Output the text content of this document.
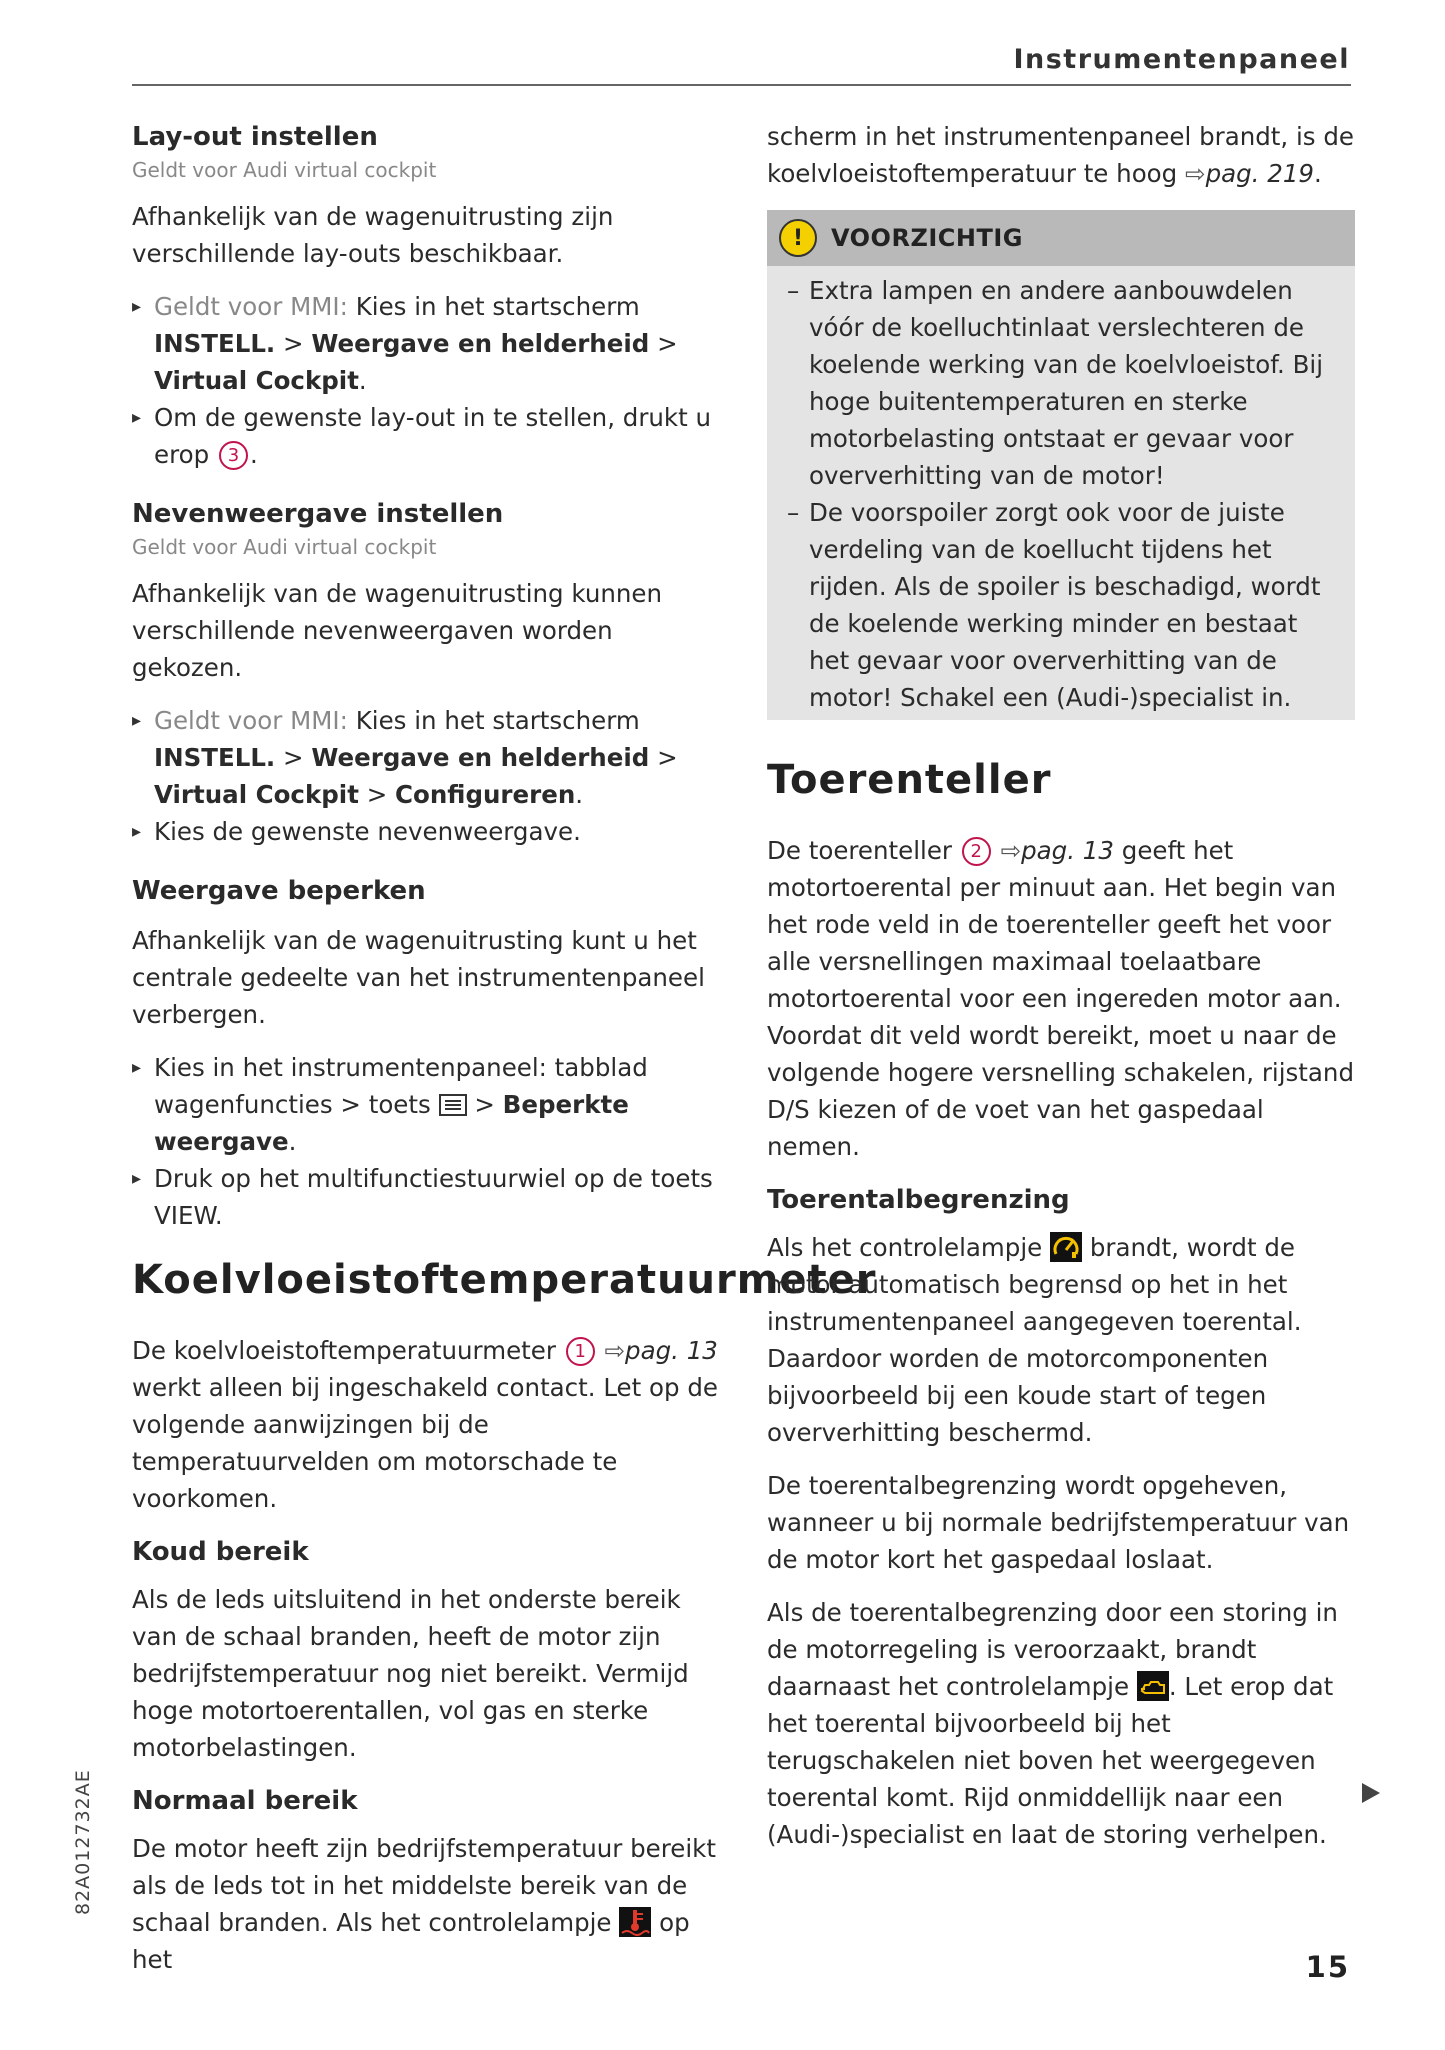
Instrumentenpaneel
Lay-out instellen
Geldt voor Audi virtual cockpit

Afhankelijk van de wagenuitrusting zijn verschillende lay-outs beschikbaar.

▸ Geldt voor MMI: Kies in het startscherm INSTELL. > Weergave en helderheid > Virtual Cockpit.
▸ Om de gewenste lay-out in te stellen, drukt u erop 3 .
Nevenweergave instellen
Geldt voor Audi virtual cockpit

Afhankelijk van de wagenuitrusting kunnen verschillende nevenweergaven worden gekozen.

▸ Geldt voor MMI: Kies in het startscherm INSTELL. > Weergave en helderheid > Virtual Cockpit > Configureren.
▸ Kies de gewenste nevenweergave.
Weergave beperken

Afhankelijk van de wagenuitrusting kunt u het centrale gedeelte van het instrumentenpaneel verbergen.

▸ Kies in het instrumentenpaneel: tabblad wagenfuncties > toets > Beperkte weergave.
▸ Druk op het multifunctiestuurwiel op de toets VIEW.
Koelvloeistoftemperatuurmeter

De koelvloeistoftemperatuurmeter 1 ⇨pag. 13 werkt alleen bij ingeschakeld contact. Let op de volgende aanwijzingen bij de temperatuurvelden om motorschade te voorkomen.

Koud bereik

Als de leds uitsluitend in het onderste bereik van de schaal branden, heeft de motor zijn bedrijfstemperatuur nog niet bereikt. Vermijd hoge motortoerentallen, vol gas en sterke motorbelastingen.

Normaal bereik

De motor heeft zijn bedrijfstemperatuur bereikt als de leds tot in het middelste bereik van de schaal branden. Als het controlelampje op het

scherm in het instrumentenpaneel brandt, is de koelvloeistoftemperatuur te hoog ⇨pag. 219.

!	VOORZICHTIG
– Extra lampen en andere aanbouwdelen vóór de koelluchtinlaat verslechteren de koelende werking van de koelvloeistof. Bij hoge buitentemperaturen en sterke motorbelasting ontstaat er gevaar voor oververhitting van de motor!
– De voorspoiler zorgt ook voor de juiste verdeling van de koellucht tijdens het rijden. Als de spoiler is beschadigd, wordt de koelende werking minder en bestaat het gevaar voor oververhitting van de motor! Schakel een (Audi-)specialist in.
Toerenteller

De toerenteller 2 ⇨pag. 13 geeft het motortoerental per minuut aan. Het begin van het rode veld in de toerenteller geeft het voor alle versnellingen maximaal toelaatbare motortoerental voor een ingereden motor aan. Voordat dit veld wordt bereikt, moet u naar de volgende hogere versnelling schakelen, rijstand D/S kiezen of de voet van het gaspedaal nemen.

Toerentalbegrenzing

Als het controlelampje brandt, wordt de motor automatisch begrensd op het in het instrumentenpaneel aangegeven toerental. Daardoor worden de motorcomponenten bijvoorbeeld bij een koude start of tegen oververhitting beschermd.

De toerentalbegrenzing wordt opgeheven, wanneer u bij normale bedrijfstemperatuur van de motor kort het gaspedaal loslaat.

Als de toerentalbegrenzing door een storing in de motorregeling is veroorzaakt, brandt daarnaast het controlelampje . Let erop dat het toerental bijvoorbeeld bij het terugschakelen niet boven het weergegeven toerental komt. Rijd onmiddellijk naar een (Audi-)specialist en laat de storing verhelpen.

82A012732AE
15
